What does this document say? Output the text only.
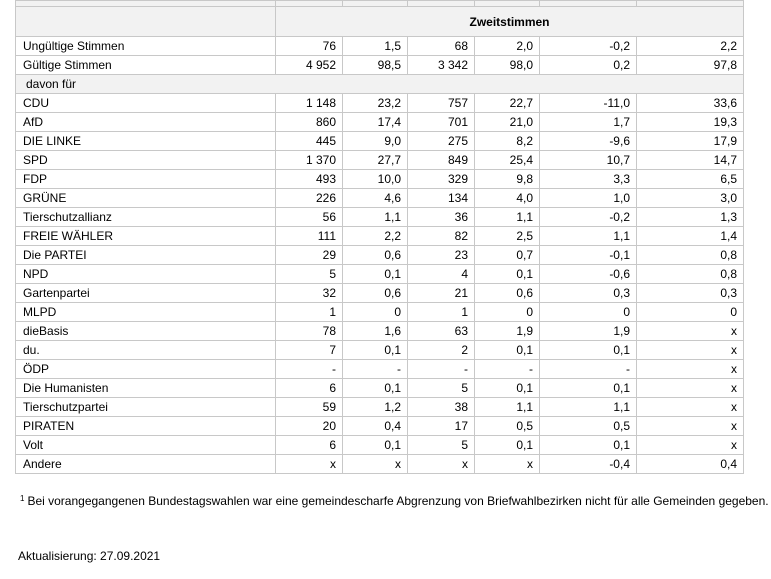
	Zweitstimmen					
Ungültige Stimmen	76	1,5	68	2,0	-0,2	2,2
Gültige Stimmen	4 952	98,5	3 342	98,0	0,2	97,8
davon für						
CDU	1 148	23,2	757	22,7	-11,0	33,6
AfD	860	17,4	701	21,0	1,7	19,3
DIE LINKE	445	9,0	275	8,2	-9,6	17,9
SPD	1 370	27,7	849	25,4	10,7	14,7
FDP	493	10,0	329	9,8	3,3	6,5
GRÜNE	226	4,6	134	4,0	1,0	3,0
Tierschutzallianz	56	1,1	36	1,1	-0,2	1,3
FREIE WÄHLER	111	2,2	82	2,5	1,1	1,4
Die PARTEI	29	0,6	23	0,7	-0,1	0,8
NPD	5	0,1	4	0,1	-0,6	0,8
Gartenpartei	32	0,6	21	0,6	0,3	0,3
MLPD	1	0	1	0	0	0
dieBasis	78	1,6	63	1,9	1,9	x
du.	7	0,1	2	0,1	0,1	x
ÖDP	-	-	-	-	-	x
Die Humanisten	6	0,1	5	0,1	0,1	x
Tierschutzpartei	59	1,2	38	1,1	1,1	x
PIRATEN	20	0,4	17	0,5	0,5	x
Volt	6	0,1	5	0,1	0,1	x
Andere	x	x	x	x	-0,4	0,4
$^1$ Bei vorangegangenen Bundestagswahlen war eine gemeindescharfe Abgrenzung von Briefwahlbezirken nicht für alle Gemeinden gegeben.
Aktualisierung: 27.09.2021
